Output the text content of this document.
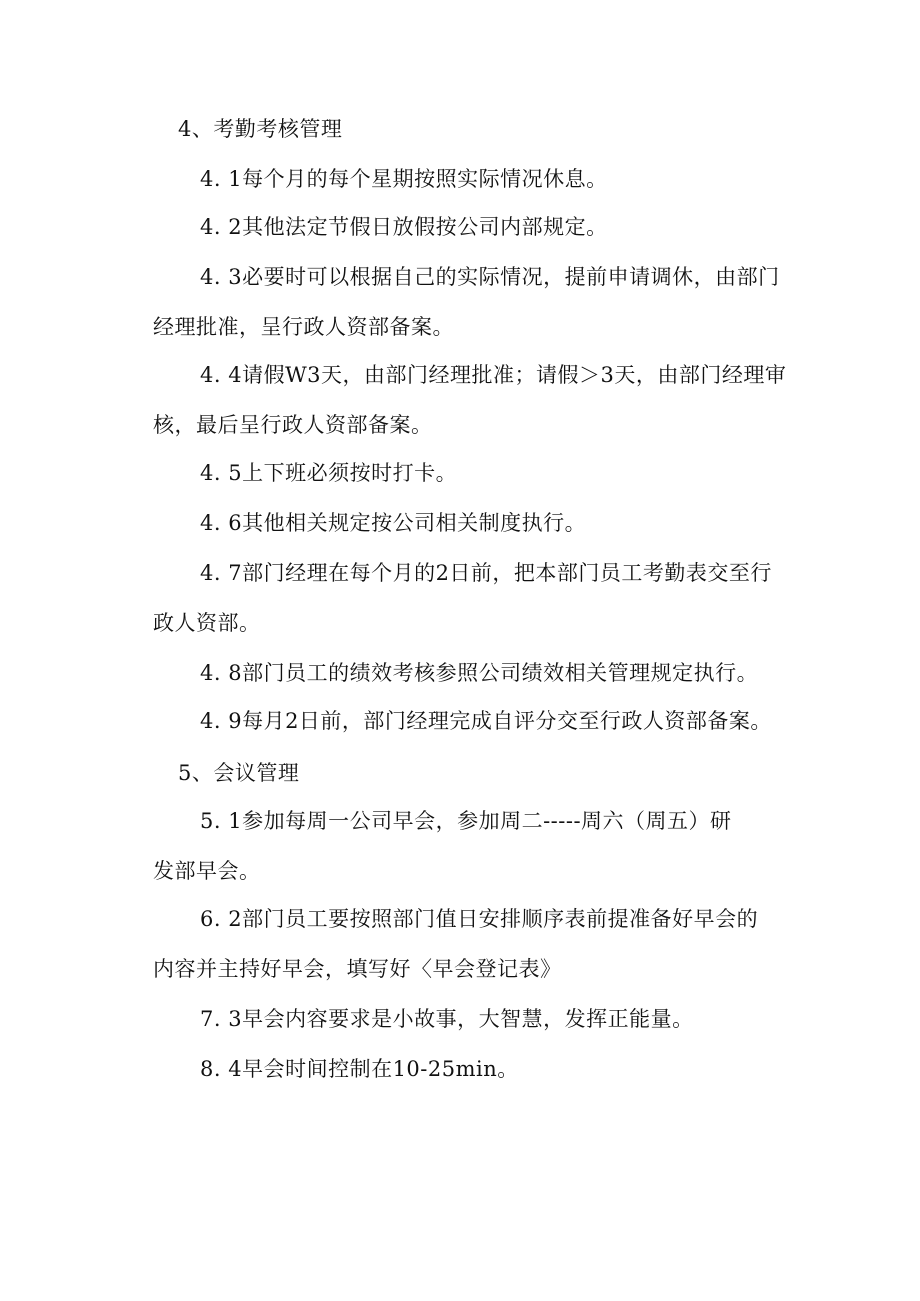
4、考勤考核管理
4. 1每个月的每个星期按照实际情况休息。
4. 2其他法定节假日放假按公司内部规定。
4. 3必要时可以根据自己的实际情况，提前申请调休，由部门
经理批准，呈行政人资部备案。
4. 4请假W3天，由部门经理批准；请假＞3天，由部门经理审
核，最后呈行政人资部备案。
4. 5上下班必须按时打卡。
4. 6其他相关规定按公司相关制度执行。
4. 7部门经理在每个月的2日前，把本部门员工考勤表交至行
政人资部。
4. 8部门员工的绩效考核参照公司绩效相关管理规定执行。
4. 9每月2日前，部门经理完成自评分交至行政人资部备案。
5、会议管理
5. 1参加每周一公司早会，参加周二-----周六（周五）研
发部早会。
6. 2部门员工要按照部门值日安排顺序表前提准备好早会的
内容并主持好早会，填写好〈早会登记表》
7. 3早会内容要求是小故事，大智慧，发挥正能量。
8. 4早会时间控制在10-25min。
